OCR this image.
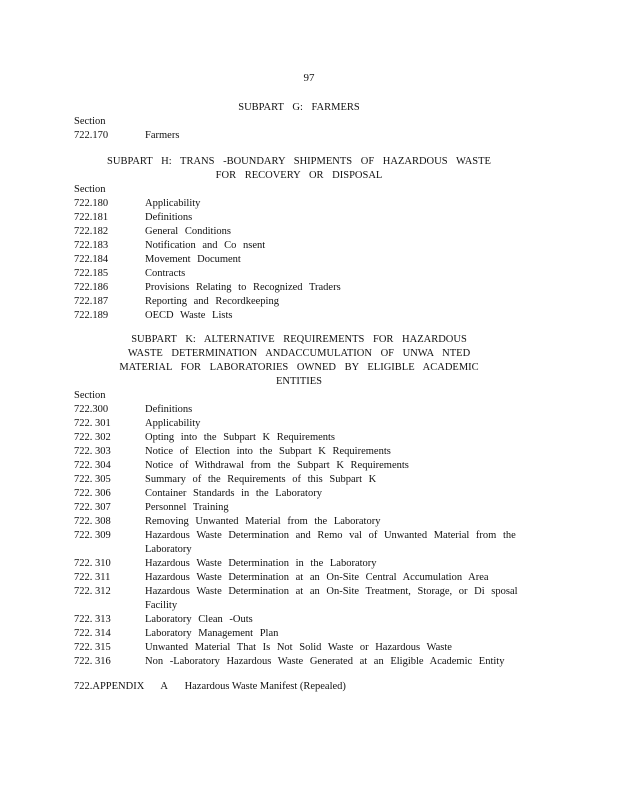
97
SUBPART G: FARMERS
Section
722.170	Farmers
SUBPART H: TRANS -BOUNDARY SHIPMENTS OF HAZARDOUS WASTE
FOR RECOVERY OR DISPOSAL
Section
722.180	Applicability
722.181	Definitions
722.182	General Conditions
722.183	Notification and Co nsent
722.184	Movement Document
722.185	Contracts
722.186	Provisions Relating to Recognized Traders
722.187	Reporting and Recordkeeping
722.189	OECD Waste Lists
SUBPART K: ALTERNATIVE REQUIREMENTS FOR HAZARDOUS
WASTE DETERMINATION ANDACCUMULATION OF UNWA NTED
MATERIAL FOR LABORATORIES OWNED BY ELIGIBLE ACADEMIC
ENTITIES
Section
722.300	Definitions
722. 301	Applicability
722. 302	Opting into the Subpart K Requirements
722. 303	Notice of Election into the Subpart K Requirements
722. 304	Notice of Withdrawal from the Subpart K Requirements
722. 305	Summary of the Requirements of this Subpart K
722. 306	Container Standards in the Laboratory
722. 307	Personnel Training
722. 308	Removing Unwanted Material from the Laboratory
722. 309	Hazardous Waste Determination and Remo val of Unwanted Material from the Laboratory
722. 310	Hazardous Waste Determination in the Laboratory
722. 311	Hazardous Waste Determination at an On-Site Central Accumulation Area
722. 312	Hazardous Waste Determination at an On-Site Treatment, Storage, or Di sposal Facility
722. 313	Laboratory Clean -Outs
722. 314	Laboratory Management Plan
722. 315	Unwanted Material That Is Not Solid Waste or Hazardous Waste
722. 316	Non -Laboratory Hazardous Waste Generated at an Eligible Academic Entity
722.APPENDIX A Hazardous Waste Manifest (Repealed)
